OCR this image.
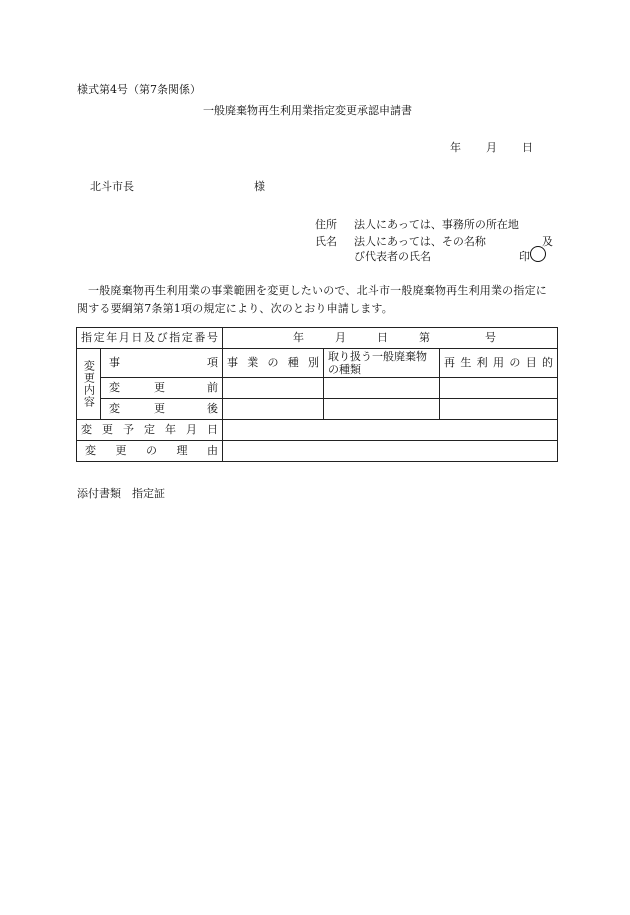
様式第4号（第7条関係）
一般廃棄物再生利用業指定変更承認申請書
年 月 日
北斗市長	様
住所 法人にあっては、事務所の所在地
氏名 法人にあっては、その名称	及
び代表者の氏名	印
一般廃棄物再生利用業の事業範囲を変更したいので、北斗市一般廃棄物再生利用業の指定に関する要綱第7条第1項の規定により、次のとおり申請します。
指定年月日及び指定番号		年 月 日 第 号		
変更内容	事 項	事 業 の 種 別	取り扱う一般廃棄物の種類	再 生 利 用 の 目 的
	変 更 前			

	変 更 後			

変更予定年月日				

変 更 の 理 由				

添付書類　指定証
